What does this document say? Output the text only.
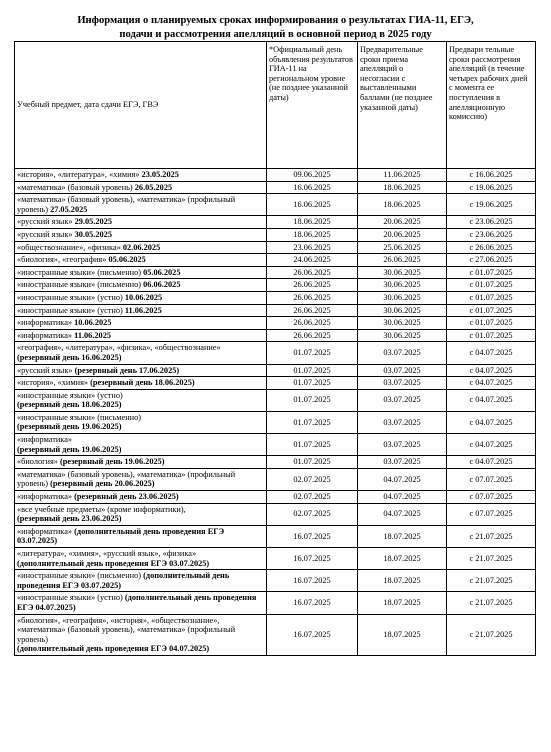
Информация о планируемых сроках информирования о результатах ГИА-11, ЕГЭ,
подачи и рассмотрения апелляций в основной период в 2025 году
Учебный предмет, дата сдачи ЕГЭ, ГВЭ	*Официальный день объявления результатов ГИА-11 на региональном уровне (не позднее указанной даты)	Предварительные сроки приема апелляций о несогласии с выставленными баллами (не позднее указанной даты)	Предвари тельные сроки рассмотрения апелляций (в течение четырех рабочих дней с момента ее поступления в апелляционную комиссию)
«история», «литература», «химия» 23.05.2025	09.06.2025	11.06.2025	с 16.06.2025
«математика» (базовый уровень) 26.05.2025	16.06.2025	18.06.2025	с 19.06.2025
«математика» (базовый уровень), «математика» (профильный уровень) 27.05.2025	16.06.2025	18.06.2025	с 19.06.2025
«русский язык» 29.05.2025	18.06.2025	20.06.2025	с 23.06.2025
«русский язык» 30.05.2025	18.06.2025	20.06.2025	с 23.06.2025
«обществознание», «физика» 02.06.2025	23.06.2025	25.06.2025	с 26.06.2025
«биология», «география» 05.06.2025	24.06.2025	26.06.2025	с 27.06.2025
«иностранные языки» (письменно) 05.06.2025	26.06.2025	30.06.2025	с 01.07.2025
«иностранные языки» (письменно) 06.06.2025	26.06.2025	30.06.2025	с 01.07.2025
«иностранные языки» (устно) 10.06.2025	26.06.2025	30.06.2025	с 01.07.2025
«иностранные языки» (устно) 11.06.2025	26.06.2025	30.06.2025	с 01.07.2025
«информатика» 10.06.2025	26.06.2025	30.06.2025	с 01.07.2025
«информатика» 11.06.2025	26.06.2025	30.06.2025	с 01.07.2025
«география», «литература», «физика», «обществознание» (резервный день 16.06.2025)	01.07.2025	03.07.2025	с 04.07.2025
«русский язык» (резервный день 17.06.2025)	01.07.2025	03.07.2025	с 04.07.2025
«история», «химия» (резервный день 18.06.2025)	01.07.2025	03.07.2025	с 04.07.2025
«иностранные языки» (устно)
(резервный день 18.06.2025)	01.07.2025	03.07.2025	с 04.07.2025
«иностранные языки» (письменно)
(резервный день 19.06.2025)	01.07.2025	03.07.2025	с 04.07.2025
«информатика»
(резервный день 19.06.2025)	01.07.2025	03.07.2025	с 04.07.2025
«биология» (резервный день 19.06.2025)	01.07.2025	03.07.2025	с 04.07.2025
«математика» (базовый уровень), «математика» (профильный уровень) (резервный день 20.06.2025)	02.07.2025	04.07.2025	с 07.07.2025
«информатика» (резервный день 23.06.2025)	02.07.2025	04.07.2025	с 07.07.2025
«все учебные предметы» (кроме информатики),
(резервный день 23.06.2025)	02.07.2025	04.07.2025	с 07.07.2025
«информатика» (дополнительный день проведения ЕГЭ 03.07.2025)	16.07.2025	18.07.2025	с 21.07.2025
«литература», «химия», «русский язык», «физика»
(дополнительный день проведения ЕГЭ 03.07.2025)	16.07.2025	18.07.2025	с 21.07.2025
«иностранные языки» (письменно) (дополнительный день проведения ЕГЭ 03.07.2025)	16.07.2025	18.07.2025	с 21.07.2025
«иностранные языки» (устно) (дополнительный день проведения ЕГЭ 04.07.2025)	16.07.2025	18.07.2025	с 21.07.2025
«биология», «география», «история», «обществознание», «математика» (базовый уровень), «математика» (профильный уровень)
(дополнительный день проведения ЕГЭ 04.07.2025)	16.07.2025	18.07.2025	с 21.07.2025
